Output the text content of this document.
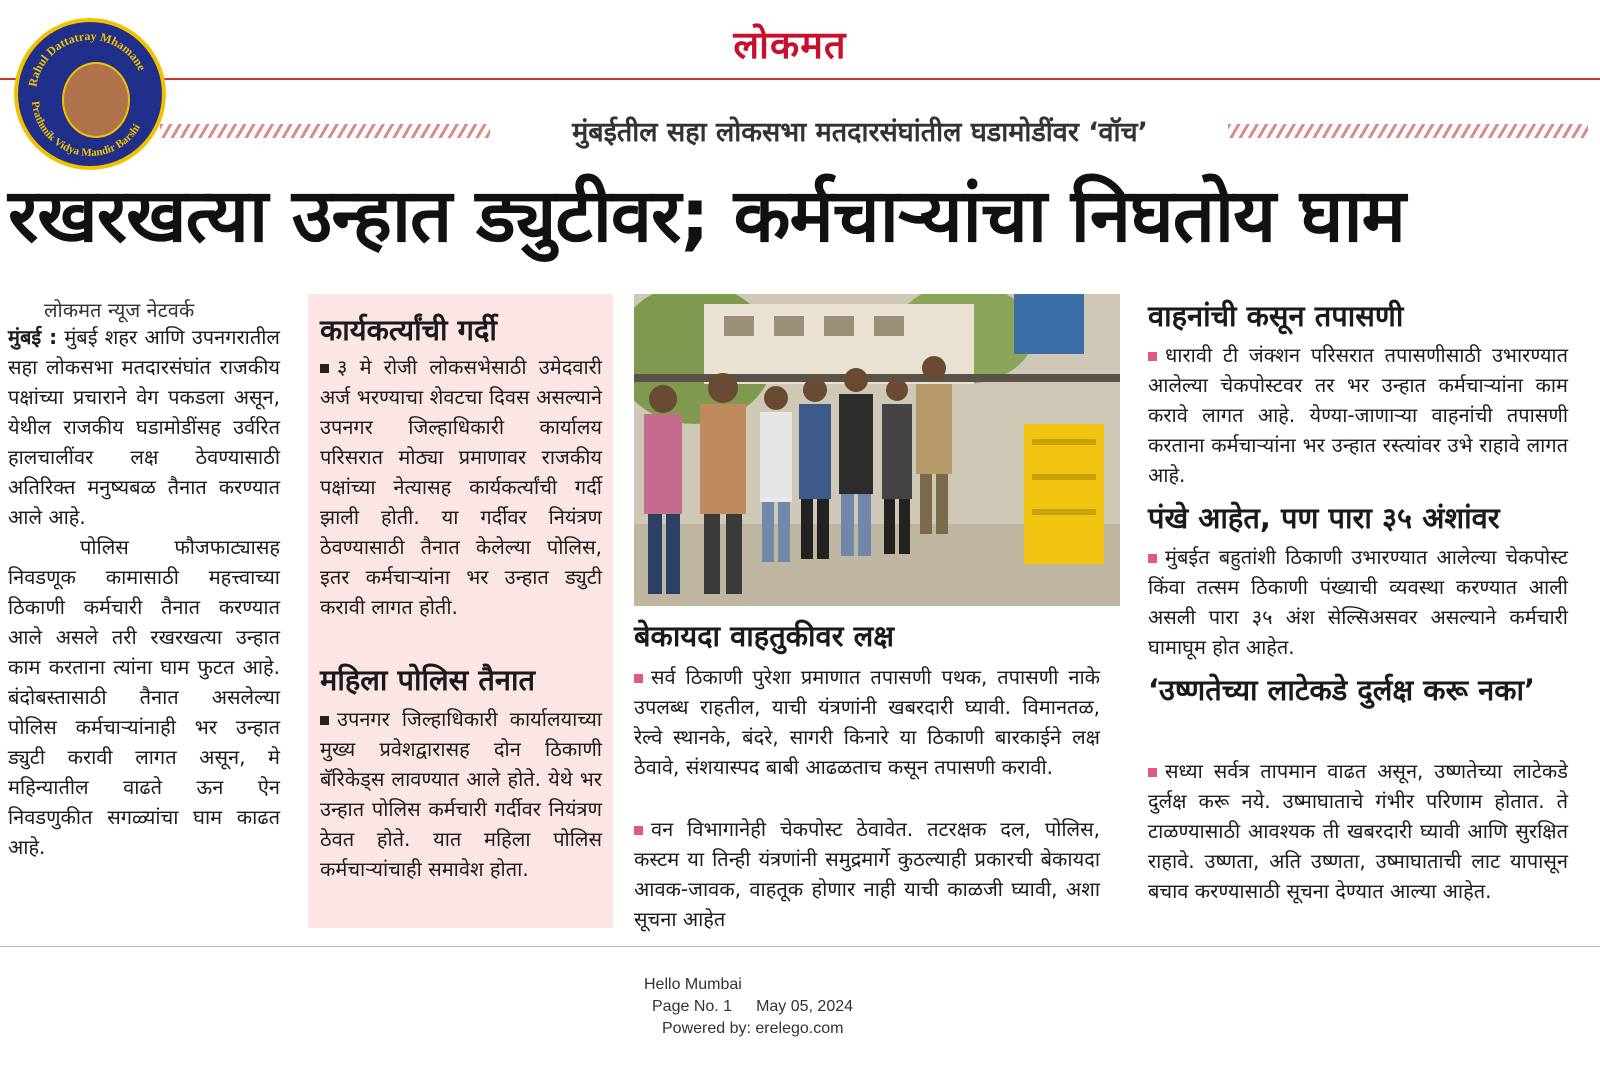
लोकमत
Rahul Dattatray Mhamane
Prathmik Vidya Mandir Barshi	मुंबईतील सहा लोकसभा मतदारसंघांतील घडामोडींवर ‘वॉच’
रखरखत्या उन्हात ड्युटीवर; कर्मचाऱ्यांचा निघतोय घाम
लोकमत न्यूज नेटवर्क

मुंबई : मुंबई शहर आणि उपनगरातील सहा लोकसभा मतदारसंघांत राजकीय पक्षांच्या प्रचाराने वेग पकडला असून, येथील राजकीय घडामोडींसह उर्वरित हालचालींवर लक्ष ठेवण्यासाठी अतिरिक्त मनुष्यबळ तैनात करण्यात आले आहे.

पोलिस फौजफाट्यासह निवडणूक कामासाठी महत्त्वाच्या ठिकाणी कर्मचारी तैनात करण्यात आले असले तरी रखरखत्या उन्हात काम करताना त्यांना घाम फुटत आहे. बंदोबस्तासाठी तैनात असलेल्या पोलिस कर्मचाऱ्यांनाही भर उन्हात ड्युटी करावी लागत असून, मे महिन्यातील वाढते ऊन ऐन निवडणुकीत सगळ्यांचा घाम काढत आहे.

कार्यकर्त्यांची गर्दी
३ मे रोजी लोकसभेसाठी उमेदवारी अर्ज भरण्याचा शेवटचा दिवस असल्याने उपनगर जिल्हाधिकारी कार्यालय परिसरात मोठ्या प्रमाणावर राजकीय पक्षांच्या नेत्यासह कार्यकर्त्यांची गर्दी झाली होती. या गर्दीवर नियंत्रण ठेवण्यासाठी तैनात केलेल्या पोलिस, इतर कर्मचाऱ्यांना भर उन्हात ड्युटी करावी लागत होती.
महिला पोलिस तैनात
उपनगर जिल्हाधिकारी कार्यालयाच्या मुख्य प्रवेशद्वारासह दोन ठिकाणी बॅरिकेड्स लावण्यात आले होते. येथे भर उन्हात पोलिस कर्मचारी गर्दीवर नियंत्रण ठेवत होते. यात महिला पोलिस कर्मचाऱ्यांचाही समावेश होता.
बेकायदा वाहतुकीवर लक्ष
सर्व ठिकाणी पुरेशा प्रमाणात तपासणी पथक, तपासणी नाके उपलब्ध राहतील, याची यंत्रणांनी खबरदारी घ्यावी. विमानतळ, रेल्वे स्थानके, बंदरे, सागरी किनारे या ठिकाणी बारकाईने लक्ष ठेवावे, संशयास्पद बाबी आढळताच कसून तपासणी करावी.
वन विभागानेही चेकपोस्ट ठेवावेत. तटरक्षक दल, पोलिस, कस्टम या तिन्ही यंत्रणांनी समुद्रमार्गे कुठल्याही प्रकारची बेकायदा आवक-जावक, वाहतूक होणार नाही याची काळजी घ्यावी, अशा सूचना आहेत
वाहनांची कसून तपासणी
धारावी टी जंक्शन परिसरात तपासणीसाठी उभारण्यात आलेल्या चेकपोस्टवर तर भर उन्हात कर्मचाऱ्यांना काम करावे लागत आहे. येण्या-जाणाऱ्या वाहनांची तपासणी करताना कर्मचाऱ्यांना भर उन्हात रस्त्यांवर उभे राहावे लागत आहे.
पंखे आहेत, पण पारा ३५ अंशांवर
मुंबईत बहुतांशी ठिकाणी उभारण्यात आलेल्या चेकपोस्ट किंवा तत्सम ठिकाणी पंख्याची व्यवस्था करण्यात आली असली पारा ३५ अंश सेल्सिअसवर असल्याने कर्मचारी घामाघूम होत आहेत.
‘उष्णतेच्या लाटेकडे दुर्लक्ष करू नका’
सध्या सर्वत्र तापमान वाढत असून, उष्णतेच्या लाटेकडे दुर्लक्ष करू नये. उष्माघाताचे गंभीर परिणाम होतात. ते टाळण्यासाठी आवश्यक ती खबरदारी घ्यावी आणि सुरक्षित राहावे. उष्णता, अति उष्णता, उष्माघाताची लाट यापासून बचाव करण्यासाठी सूचना देण्यात आल्या आहेत.
Hello Mumbai
Page No. 1 May 05, 2024
Powered by: erelego.com
